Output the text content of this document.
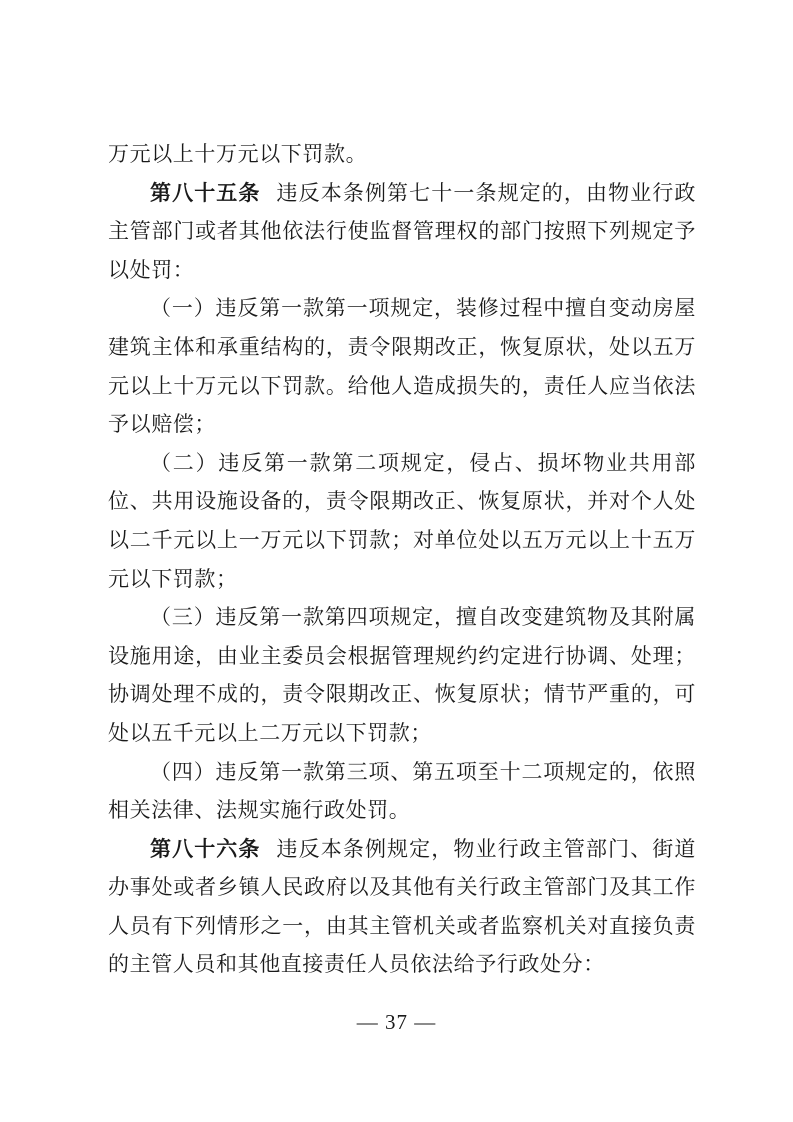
万元以上十万元以下罚款。

第八十五条 违反本条例第七十一条规定的，由物业行政主管部门或者其他依法行使监督管理权的部门按照下列规定予以处罚：

（一）违反第一款第一项规定，装修过程中擅自变动房屋建筑主体和承重结构的，责令限期改正，恢复原状，处以五万元以上十万元以下罚款。给他人造成损失的，责任人应当依法予以赔偿；

（二）违反第一款第二项规定，侵占、损坏物业共用部位、共用设施设备的，责令限期改正、恢复原状，并对个人处以二千元以上一万元以下罚款；对单位处以五万元以上十五万元以下罚款；

（三）违反第一款第四项规定，擅自改变建筑物及其附属设施用途，由业主委员会根据管理规约约定进行协调、处理；协调处理不成的，责令限期改正、恢复原状；情节严重的，可处以五千元以上二万元以下罚款；

（四）违反第一款第三项、第五项至十二项规定的，依照相关法律、法规实施行政处罚。

第八十六条 违反本条例规定，物业行政主管部门、街道办事处或者乡镇人民政府以及其他有关行政主管部门及其工作人员有下列情形之一，由其主管机关或者监察机关对直接负责的主管人员和其他直接责任人员依法给予行政处分：

— 37 —
